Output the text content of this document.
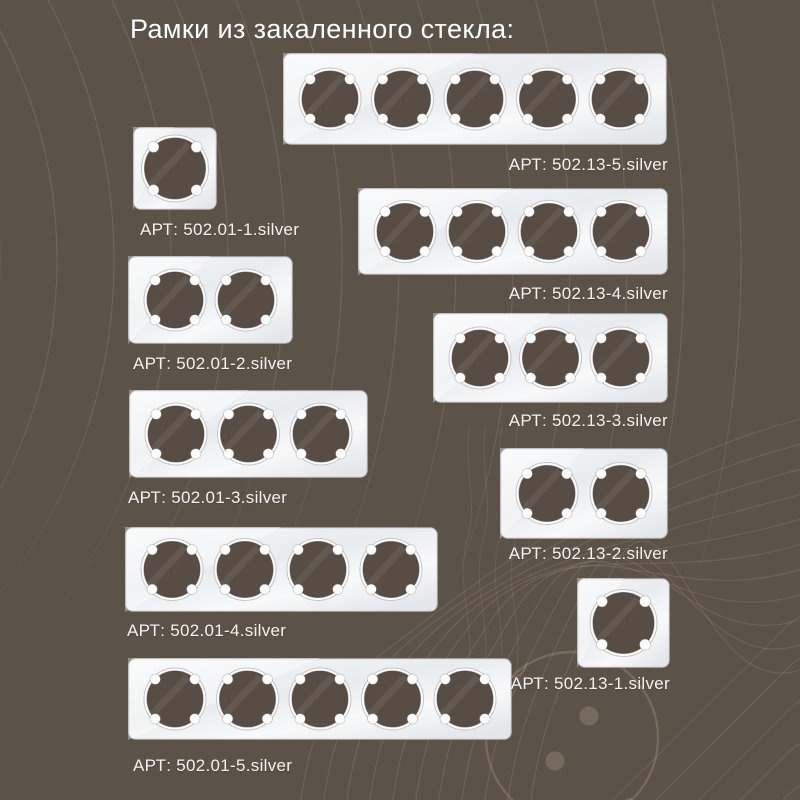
Рамки из закаленного стекла:
АРТ: 502.01-1.silver
АРТ: 502.01-2.silver
АРТ: 502.01-3.silver
АРТ: 502.01-4.silver
АРТ: 502.01-5.silver
АРТ: 502.13-5.silver
АРТ: 502.13-4.silver
АРТ: 502.13-3.silver
АРТ: 502.13-2.silver
АРТ: 502.13-1.silver
